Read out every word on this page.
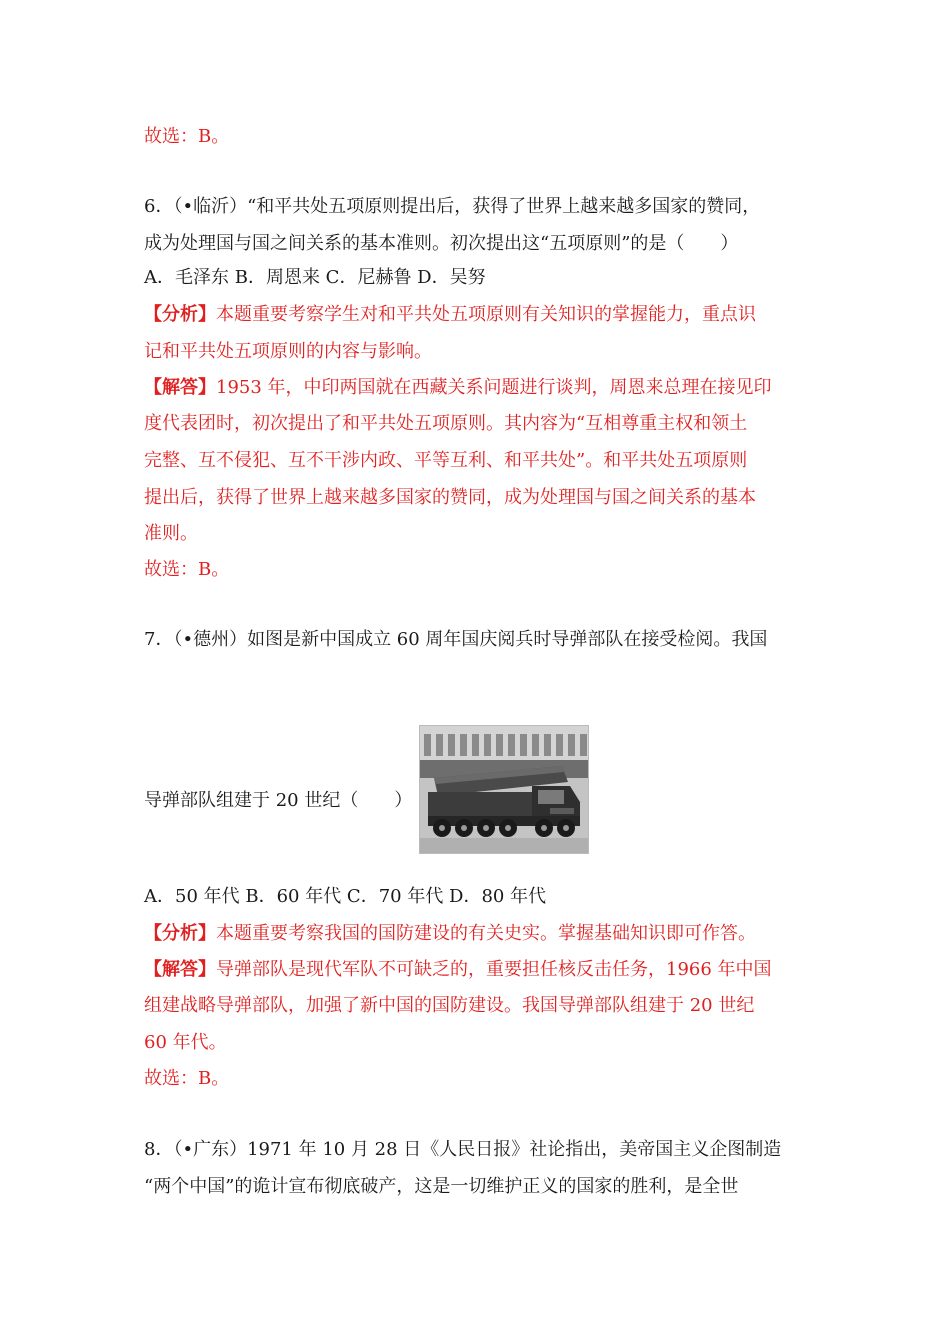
故选：B。

6．（•临沂）“和平共处五项原则提出后，获得了世界上越来越多国家的赞同，

成为处理国与国之间关系的基本准则。初次提出这“五项原则”的是（　　）

A．毛泽东 B．周恩来 C．尼赫鲁 D．吴努

【分析】本题重要考察学生对和平共处五项原则有关知识的掌握能力，重点识

记和平共处五项原则的内容与影响。

【解答】1953 年，中印两国就在西藏关系问题进行谈判，周恩来总理在接见印

度代表团时，初次提出了和平共处五项原则。其内容为“互相尊重主权和领土

完整、互不侵犯、互不干涉内政、平等互利、和平共处”。和平共处五项原则

提出后，获得了世界上越来越多国家的赞同，成为处理国与国之间关系的基本

准则。

故选：B。

7．（•德州）如图是新中国成立 60 周年国庆阅兵时导弹部队在接受检阅。我国

导弹部队组建于 20 世纪（　　）

A．50 年代 B．60 年代 C．70 年代 D．80 年代

【分析】本题重要考察我国的国防建设的有关史实。掌握基础知识即可作答。

【解答】导弹部队是现代军队不可缺乏的，重要担任核反击任务，1966 年中国

组建战略导弹部队，加强了新中国的国防建设。我国导弹部队组建于 20 世纪

60 年代。

故选：B。

8．（•广东）1971 年 10 月 28 日《人民日报》社论指出，美帝国主义企图制造

“两个中国”的诡计宣布彻底破产，这是一切维护正义的国家的胜利，是全世
